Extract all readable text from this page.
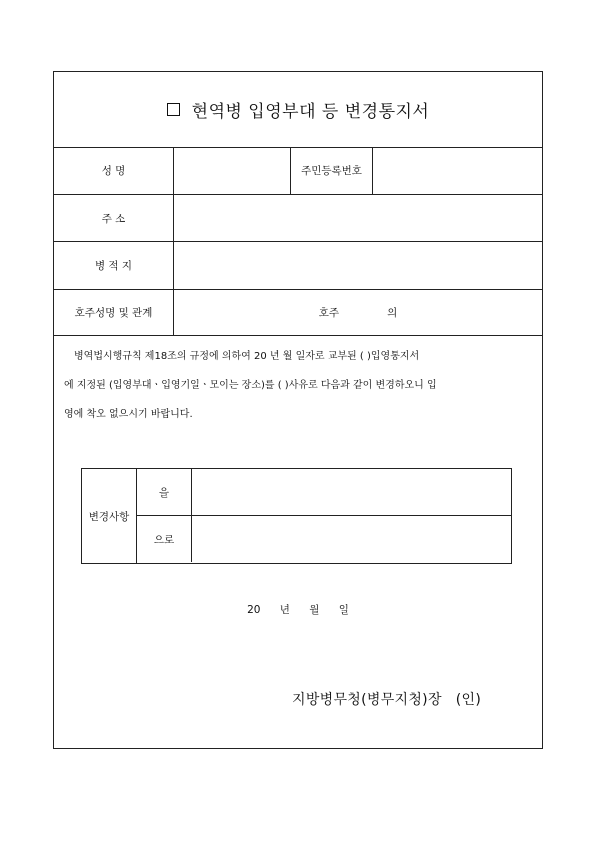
현역병 입영부대 등 변경통지서
성 명	주민등록번호
주 소
병 적 지
호주성명 및 관계	호주	의

병역법시행규칙 제18조의 규정에 의하여 20 년 월 일자로 교부된 ( )입영통지서

에 지정된 (입영부대ㆍ입영기일ㆍ모이는 장소)를 ( )사유로 다음과 같이 변경하오니 입

영에 착오 없으시기 바랍니다.

변경사항
을
으로
20 년 월 일
지방병무청(병무지청)장 (인)
